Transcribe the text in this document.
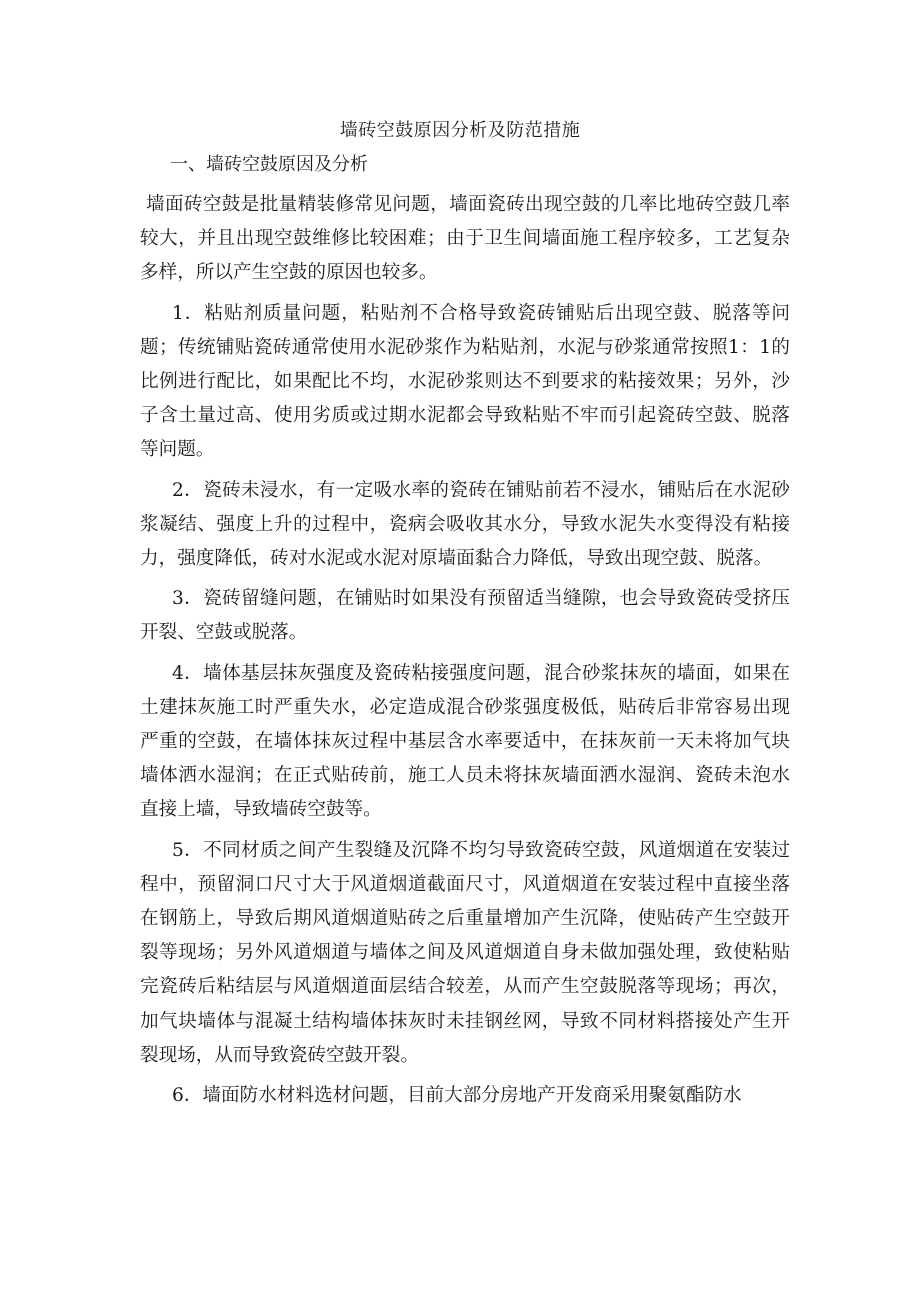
墙砖空鼓原因分析及防范措施
一、墙砖空鼓原因及分析

墙面砖空鼓是批量精装修常见问题，墙面瓷砖出现空鼓的几率比地砖空鼓几率较大，并且出现空鼓维修比较困难；由于卫生间墙面施工程序较多，工艺复杂多样，所以产生空鼓的原因也较多。

1．粘贴剂质量问题，粘贴剂不合格导致瓷砖铺贴后出现空鼓、脱落等问题；传统铺贴瓷砖通常使用水泥砂浆作为粘贴剂，水泥与砂浆通常按照1：1的比例进行配比，如果配比不均，水泥砂浆则达不到要求的粘接效果；另外，沙子含土量过高、使用劣质或过期水泥都会导致粘贴不牢而引起瓷砖空鼓、脱落等问题。

2．瓷砖未浸水，有一定吸水率的瓷砖在铺贴前若不浸水，铺贴后在水泥砂浆凝结、强度上升的过程中，瓷病会吸收其水分，导致水泥失水变得没有粘接力，强度降低，砖对水泥或水泥对原墙面黏合力降低，导致出现空鼓、脱落。

3．瓷砖留缝问题，在铺贴时如果没有预留适当缝隙，也会导致瓷砖受挤压开裂、空鼓或脱落。

4．墙体基层抹灰强度及瓷砖粘接强度问题，混合砂浆抹灰的墙面，如果在土建抹灰施工时严重失水，必定造成混合砂浆强度极低，贴砖后非常容易出现严重的空鼓，在墙体抹灰过程中基层含水率要适中，在抹灰前一天未将加气块墙体洒水湿润；在正式贴砖前，施工人员未将抹灰墙面洒水湿润、瓷砖未泡水直接上墙，导致墙砖空鼓等。

5．不同材质之间产生裂缝及沉降不均匀导致瓷砖空鼓，风道烟道在安装过程中，预留洞口尺寸大于风道烟道截面尺寸，风道烟道在安装过程中直接坐落在钢筋上，导致后期风道烟道贴砖之后重量增加产生沉降，使贴砖产生空鼓开裂等现场；另外风道烟道与墙体之间及风道烟道自身未做加强处理，致使粘贴完瓷砖后粘结层与风道烟道面层结合较差，从而产生空鼓脱落等现场；再次，加气块墙体与混凝土结构墙体抹灰时未挂钢丝网，导致不同材料搭接处产生开裂现场，从而导致瓷砖空鼓开裂。

6．墙面防水材料选材问题，目前大部分房地产开发商采用聚氨酯防水
